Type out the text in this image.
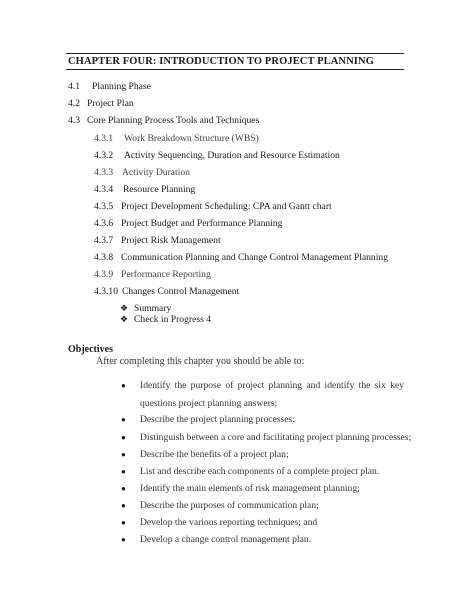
CHAPTER FOUR: INTRODUCTION TO PROJECT PLANNING
4.1 Planning Phase
4.2 Project Plan
4.3 Core Planning Process Tools and Techniques
4.3.1 Work Breakdown Structure (WBS)
4.3.2 Activity Sequencing, Duration and Resource Estimation
4.3.3 Activity Duration
4.3.4 Resource Planning
4.3.5 Project Development Scheduling: CPA and Gantt chart
4.3.6 Project Budget and Performance Planning
4.3.7 Project Risk Management
4.3.8 Communication Planning and Change Control Management Planning
4.3.9 Performance Reporting
4.3.10 Changes Control Management
❖ Summary
❖ Check in Progress 4
Objectives
After completing this chapter you should be able to:
● Identify the purpose of project planning and identify the six key
questions project planning answers;
● Describe the project planning processes;
● Distinguish between a core and facilitating project planning processes;
● Describe the benefits of a project plan;
● List and describe each components of a complete project plan.
● Identify the main elements of risk management planning;
● Describe the purposes of communication plan;
● Develop the various reporting techniques; and
● Develop a change control management plan.
